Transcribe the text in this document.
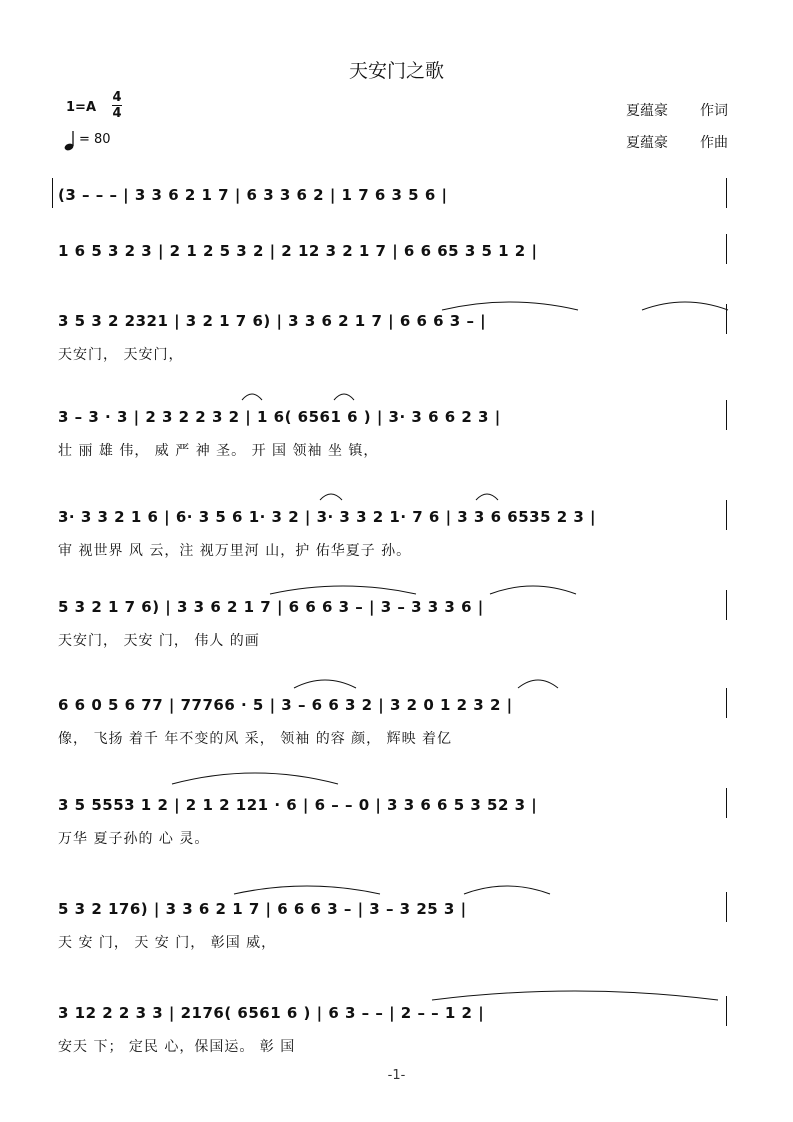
天安门之歌
1=A
4
4
= 80
夏蕴豪 作词
夏蕴豪 作曲
(3 – – – | 3 3 6 2 1 7 | 6 3 3 6 2 | 1 7 6 3 5 6 |
1 6 5 3 2 3 | 2 1 2 5 3 2 | 2 12 3 2 1 7 | 6 6 65 3 5 1 2 |
3 5 3 2 2321 | 3 2 1 7 6) | 3 3 6 2 1 7 | 6 6 6 3 – |
天安门， 天安门，
3 – 3 · 3 | 2 3 2 2 3 2 | 1 6( 6561 6 ) | 3· 3 6 6 2 3 |
壮 丽 雄 伟， 威 严 神 圣。 开 国 领袖 坐 镇，
3· 3 3 2 1 6 | 6· 3 5 6 1· 3 2 | 3· 3 3 2 1· 7 6 | 3 3 6 6535 2 3 |
审 视世界 风 云，注 视万里河 山，护 佑华夏子 孙。
5 3 2 1 7 6) | 3 3 6 2 1 7 | 6 6 6 3 – | 3 – 3 3 3 6 |
天安门， 天安 门， 伟人 的画
6 6 0 5 6 77 | 77766 · 5 | 3 – 6 6 3 2 | 3 2 0 1 2 3 2 |
像， 飞扬 着千 年不变的风 采， 领袖 的容 颜， 辉映 着亿
3 5 5553 1 2 | 2 1 2 121 · 6 | 6 – – 0 | 3 3 6 6 5 3 52 3 |
万华 夏子孙的 心 灵。
5 3 2 176) | 3 3 6 2 1 7 | 6 6 6 3 – | 3 – 3 25 3 |
天 安 门， 天 安 门， 彰国 威，
3 12 2 2 3 3 | 2176( 6561 6 ) | 6 3 – – | 2 – – 1 2 |
安天 下； 定民 心，保国运。 彰 国
-1-
